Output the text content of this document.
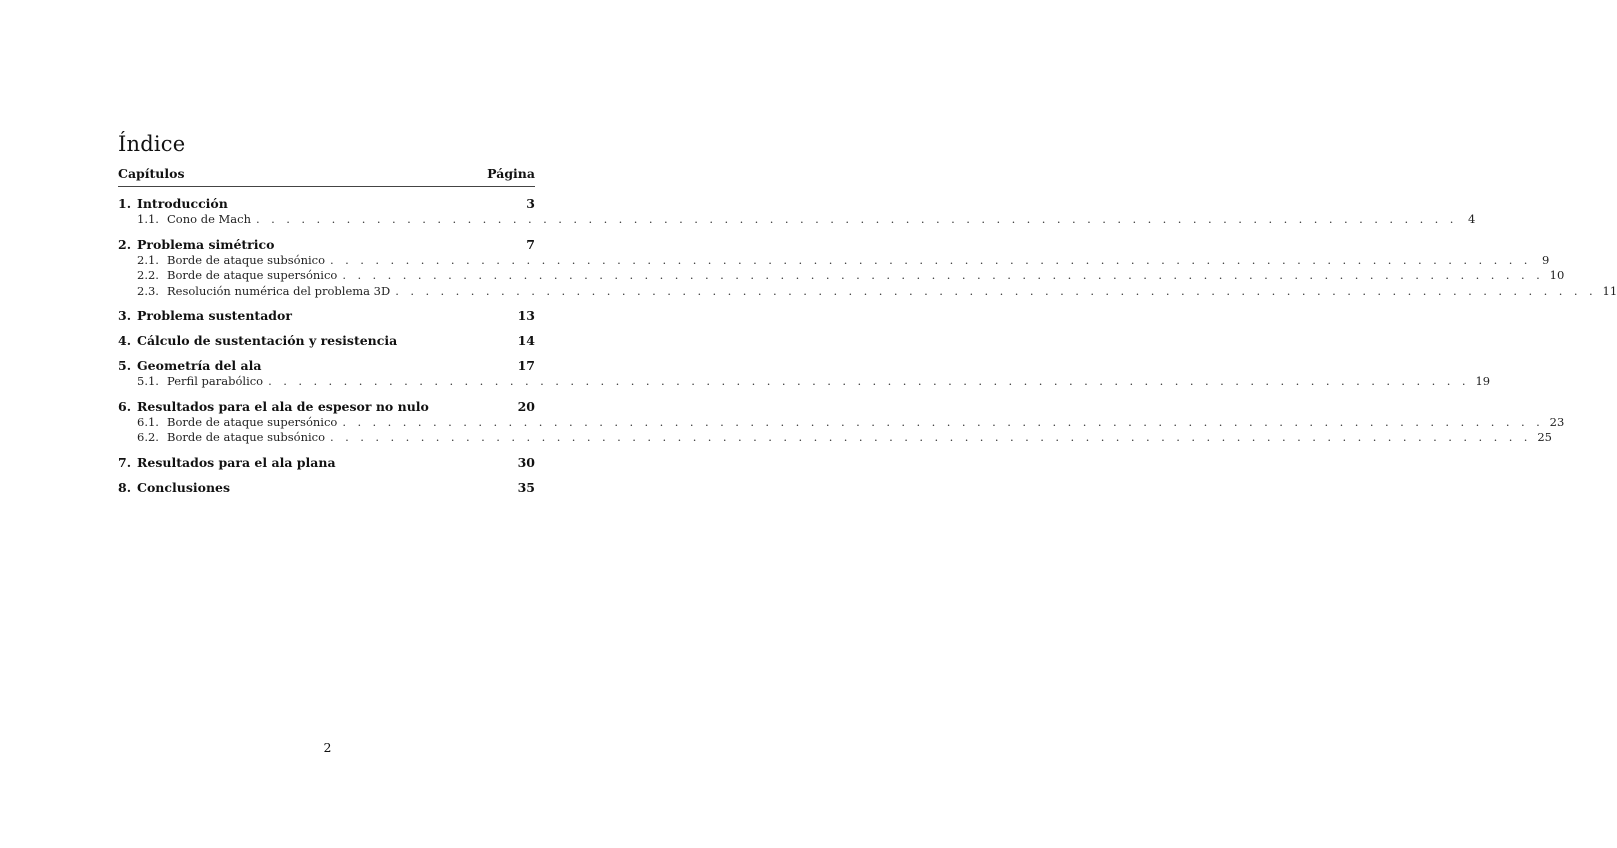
Índice
Capítulos	Página
1. Introducción	3
1.1. Cono de Mach . . . . . . . . . . . . . . . . . . . . . . . . . . . . . . . . . . . . . . . . . . . . . . . . . . . . . . . . . . . . . . . . . . . . . . . . . . . . . . . . 4
2. Problema simétrico	7
2.1. Borde de ataque subsónico . . . . . . . . . . . . . . . . . . . . . . . . . . . . . . . . . . . . . . . . . . . . . . . . . . . . . . . . . . . . . . . . . . . . . . . . . . . . . . . . 9
2.2. Borde de ataque supersónico . . . . . . . . . . . . . . . . . . . . . . . . . . . . . . . . . . . . . . . . . . . . . . . . . . . . . . . . . . . . . . . . . . . . . . . . . . . . . . . . 10
2.3. Resolución numérica del problema 3D . . . . . . . . . . . . . . . . . . . . . . . . . . . . . . . . . . . . . . . . . . . . . . . . . . . . . . . . . . . . . . . . . . . . . . . . . . . . . . . . 11
3. Problema sustentador	13
4. Cálculo de sustentación y resistencia	14
5. Geometría del ala	17
5.1. Perfil parabólico . . . . . . . . . . . . . . . . . . . . . . . . . . . . . . . . . . . . . . . . . . . . . . . . . . . . . . . . . . . . . . . . . . . . . . . . . . . . . . . . 19
6. Resultados para el ala de espesor no nulo	20
6.1. Borde de ataque supersónico . . . . . . . . . . . . . . . . . . . . . . . . . . . . . . . . . . . . . . . . . . . . . . . . . . . . . . . . . . . . . . . . . . . . . . . . . . . . . . . . 23
6.2. Borde de ataque subsónico . . . . . . . . . . . . . . . . . . . . . . . . . . . . . . . . . . . . . . . . . . . . . . . . . . . . . . . . . . . . . . . . . . . . . . . . . . . . . . . . 25
7. Resultados para el ala plana	30
8. Conclusiones	35
2
